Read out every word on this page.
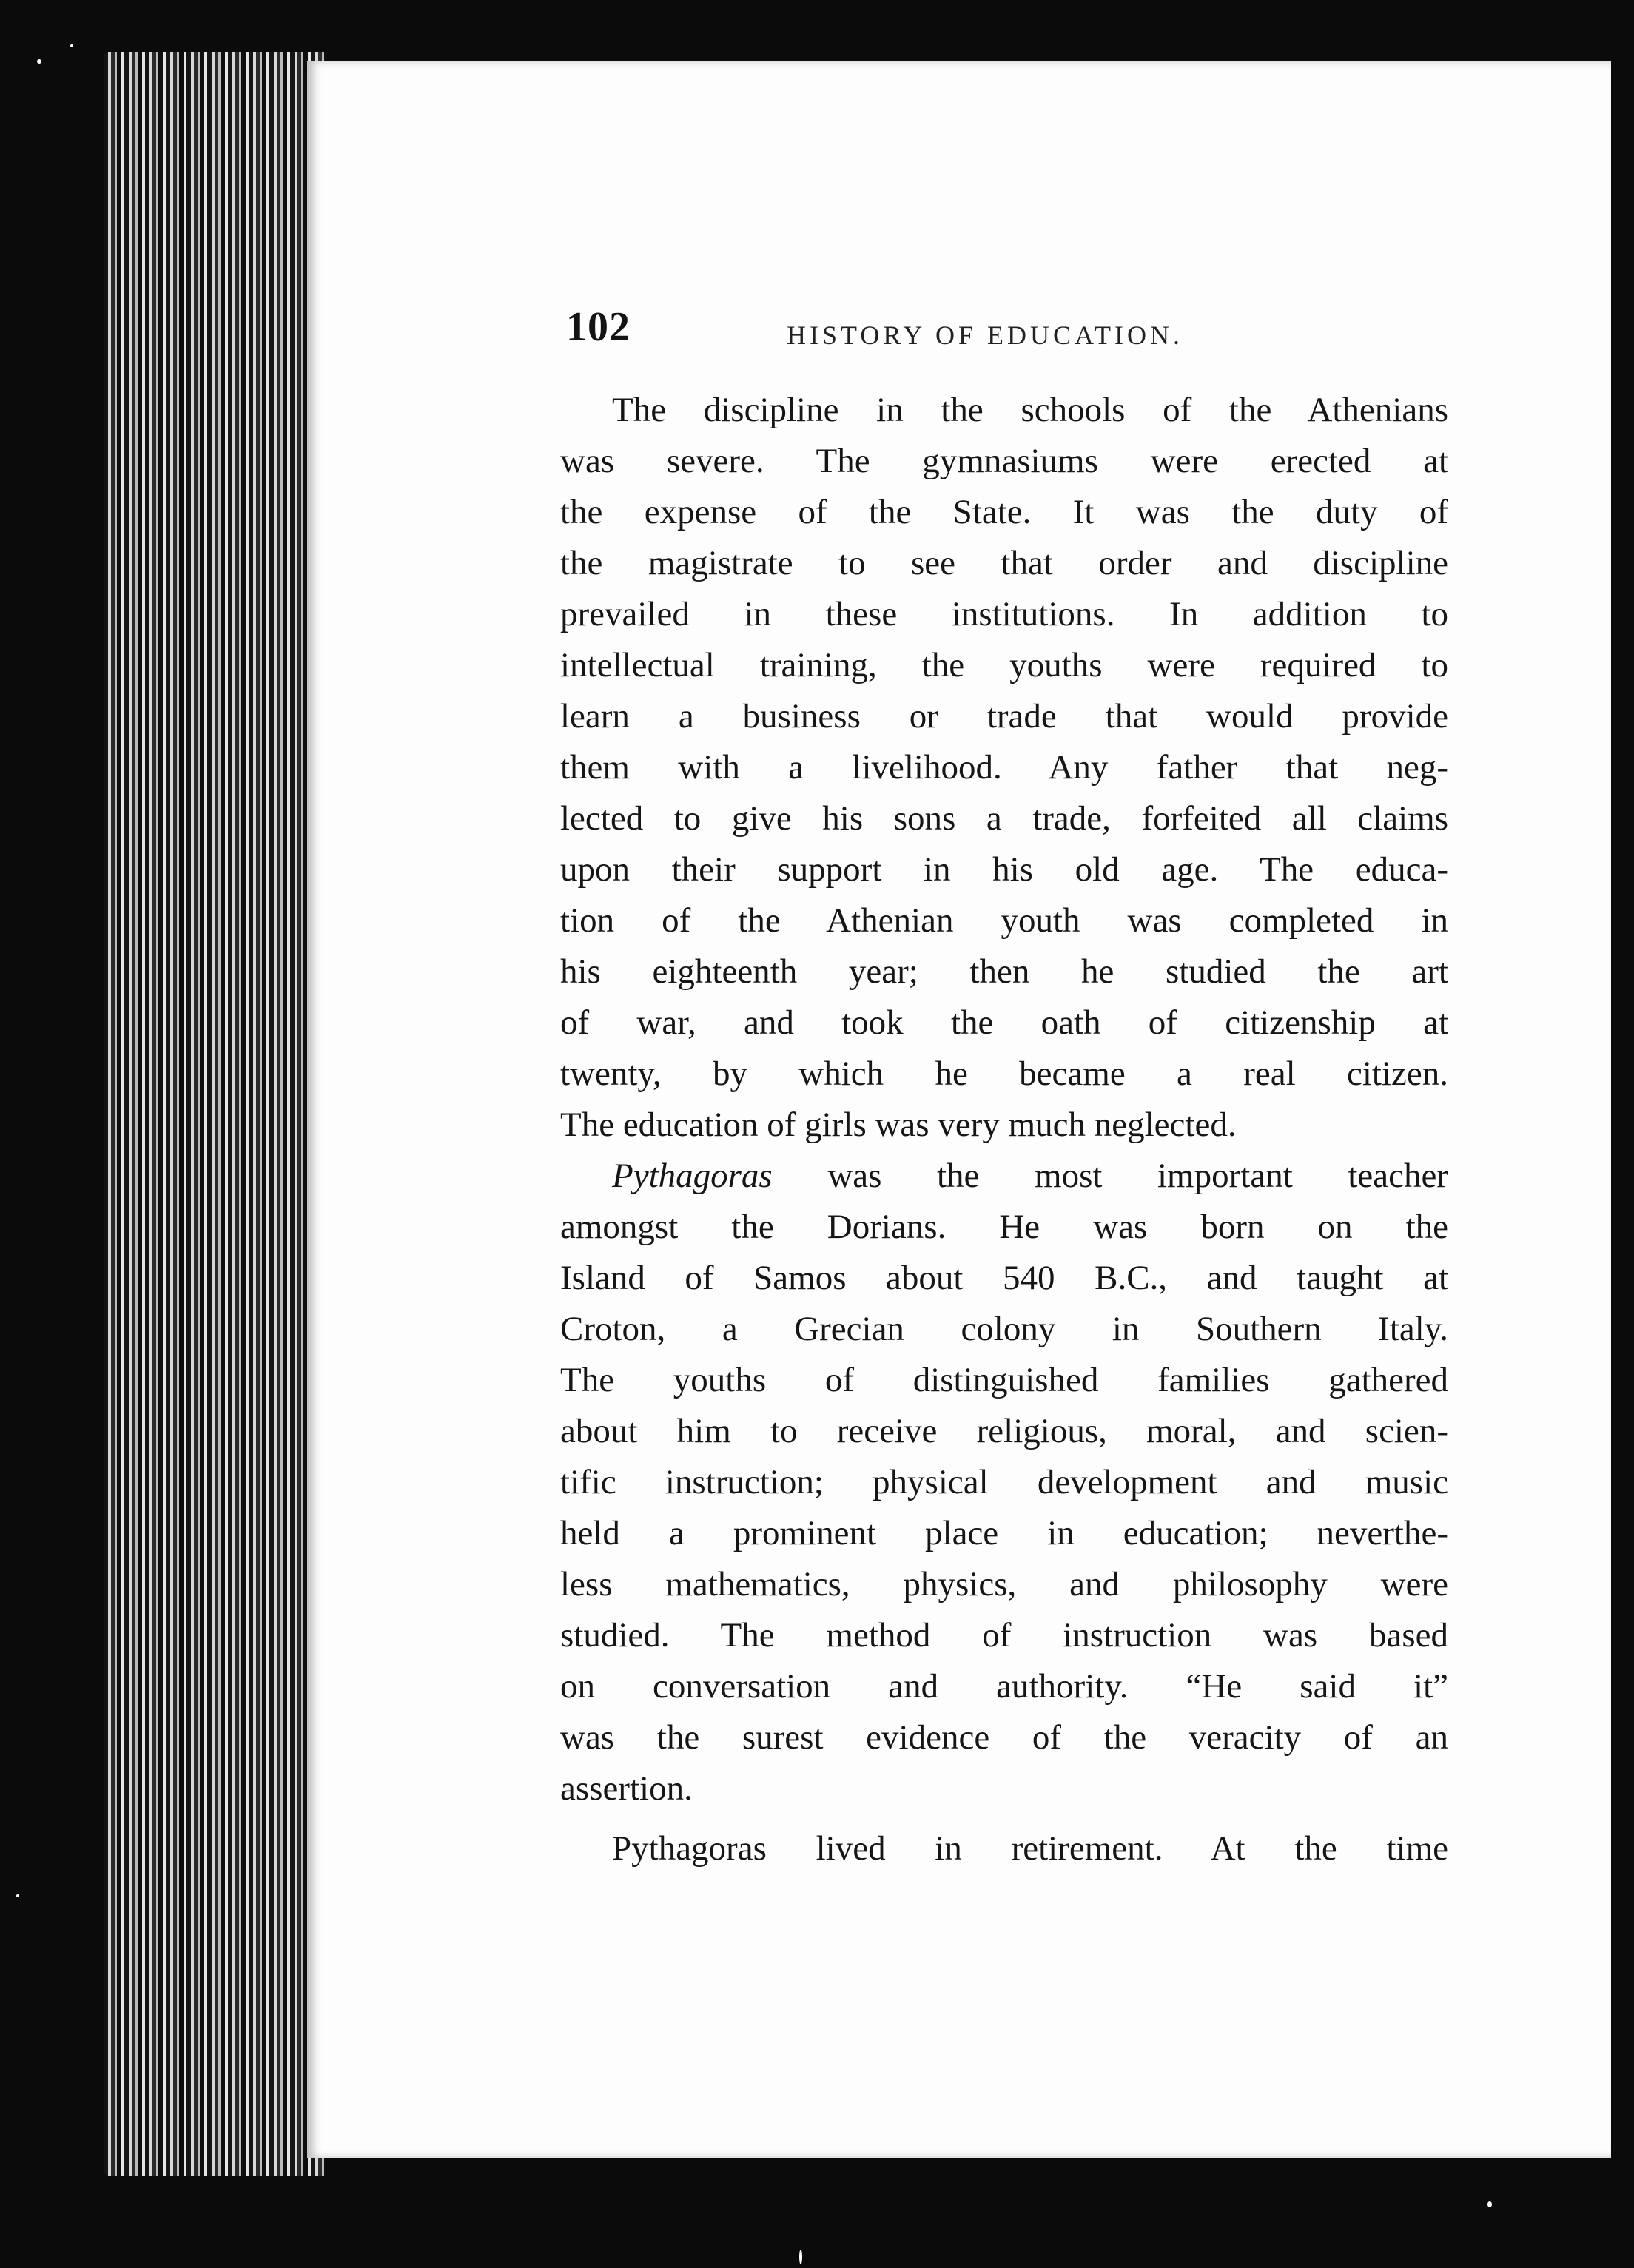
102	HISTORY OF EDUCATION.
The discipline in the schools of the Athenians
was severe. The gymnasiums were erected at
the expense of the State. It was the duty of
the magistrate to see that order and discipline
prevailed in these institutions. In addition to
intellectual training, the youths were required to
learn a business or trade that would provide
them with a livelihood. Any father that neg-
lected to give his sons a trade, forfeited all claims
upon their support in his old age. The educa-
tion of the Athenian youth was completed in
his eighteenth year; then he studied the art
of war, and took the oath of citizenship at
twenty, by which he became a real citizen.
The education of girls was very much neglected.
Pythagoras was the most important teacher
amongst the Dorians. He was born on the
Island of Samos about 540 B.C., and taught at
Croton, a Grecian colony in Southern Italy.
The youths of distinguished families gathered
about him to receive religious, moral, and scien-
tific instruction; physical development and music
held a prominent place in education; neverthe-
less mathematics, physics, and philosophy were
studied. The method of instruction was based
on conversation and authority. “He said it”
was the surest evidence of the veracity of an
assertion.
Pythagoras lived in retirement. At the time
